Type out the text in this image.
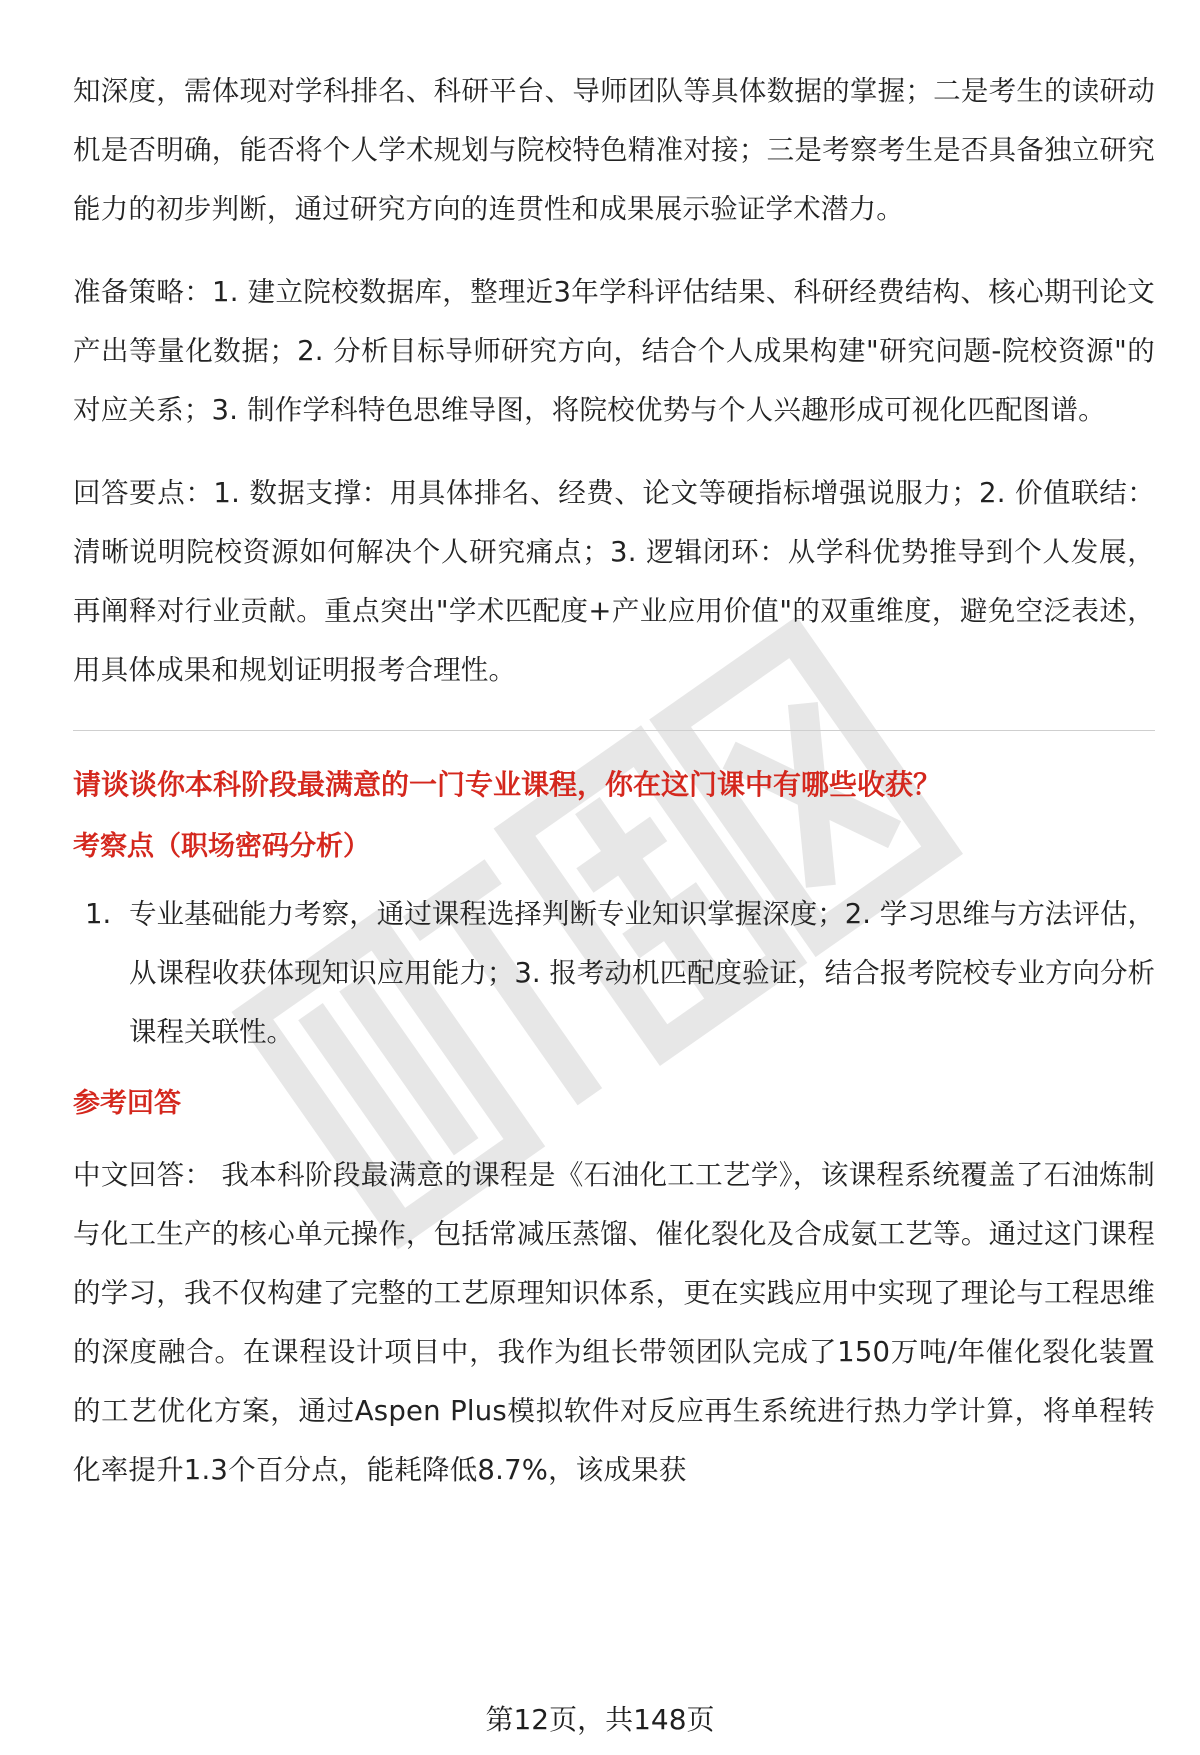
知深度，需体现对学科排名、科研平台、导师团队等具体数据的掌握；二是考生的读研动机是否明确，能否将个人学术规划与院校特色精准对接；三是考察考生是否具备独立研究能力的初步判断，通过研究方向的连贯性和成果展示验证学术潜力。

准备策略：1. 建立院校数据库，整理近3年学科评估结果、科研经费结构、核心期刊论文产出等量化数据；2. 分析目标导师研究方向，结合个人成果构建"研究问题-院校资源"的对应关系；3. 制作学科特色思维导图，将院校优势与个人兴趣形成可视化匹配图谱。

回答要点：1. 数据支撑：用具体排名、经费、论文等硬指标增强说服力；2. 价值联结：清晰说明院校资源如何解决个人研究痛点；3. 逻辑闭环：从学科优势推导到个人发展，再阐释对行业贡献。重点突出"学术匹配度+产业应用价值"的双重维度，避免空泛表述，用具体成果和规划证明报考合理性。

请谈谈你本科阶段最满意的一门专业课程，你在这门课中有哪些收获？

考察点（职场密码分析）

1. 专业基础能力考察，通过课程选择判断专业知识掌握深度；2. 学习思维与方法评估，从课程收获体现知识应用能力；3. 报考动机匹配度验证，结合报考院校专业方向分析课程关联性。

参考回答

中文回答： 我本科阶段最满意的课程是《石油化工工艺学》，该课程系统覆盖了石油炼制与化工生产的核心单元操作，包括常减压蒸馏、催化裂化及合成氨工艺等。通过这门课程的学习，我不仅构建了完整的工艺原理知识体系，更在实践应用中实现了理论与工程思维的深度融合。在课程设计项目中，我作为组长带领团队完成了150万吨/年催化裂化装置的工艺优化方案，通过Aspen Plus模拟软件对反应再生系统进行热力学计算，将单程转化率提升1.3个百分点，能耗降低8.7%，该成果获

第12页，共148页
